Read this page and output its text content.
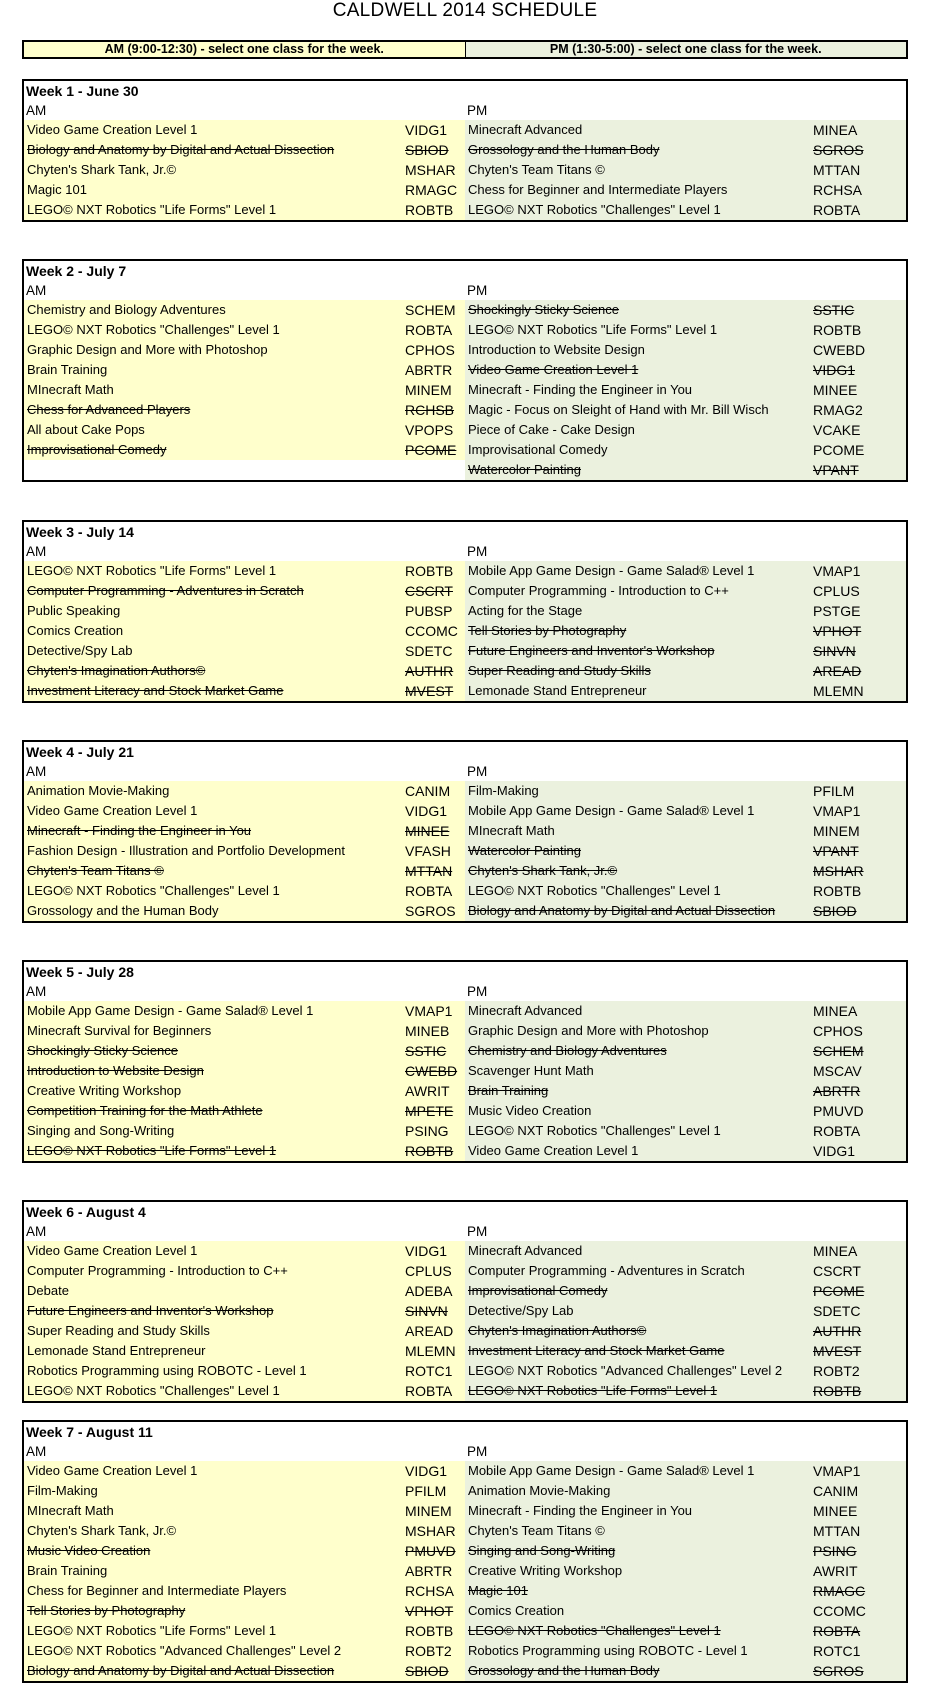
CALDWELL 2014 SCHEDULE
AM (9:00-12:30) - select one class for the week.	PM (1:30-5:00) - select one class for the week.
Week 1 - June 30
AM
Video Game Creation Level 1	VIDG1
Biology and Anatomy by Digital and Actual Dissection	SBIOD
Chyten's Shark Tank, Jr.©	MSHAR
Magic 101	RMAGC
LEGO© NXT Robotics "Life Forms" Level 1	ROBTB
PM
Minecraft Advanced	MINEA
Grossology and the Human Body	SGROS
Chyten's Team Titans ©	MTTAN
Chess for Beginner and Intermediate Players	RCHSA
LEGO© NXT Robotics "Challenges" Level 1	ROBTA
Week 2 - July 7
AM
Chemistry and Biology Adventures	SCHEM
LEGO© NXT Robotics "Challenges" Level 1	ROBTA
Graphic Design and More with Photoshop	CPHOS
Brain Training	ABRTR
MInecraft Math	MINEM
Chess for Advanced Players	RCHSB
All about Cake Pops	VPOPS
Improvisational Comedy	PCOME
PM
Shockingly Sticky Science	SSTIC
LEGO© NXT Robotics "Life Forms" Level 1	ROBTB
Introduction to Website Design	CWEBD
Video Game Creation Level 1	VIDG1
Minecraft - Finding the Engineer in You	MINEE
Magic - Focus on Sleight of Hand with Mr. Bill Wisch	RMAG2
Piece of Cake - Cake Design	VCAKE
Improvisational Comedy	PCOME
Watercolor Painting	VPANT
Week 3 - July 14
AM
LEGO© NXT Robotics "Life Forms" Level 1	ROBTB
Computer Programming - Adventures in Scratch	CSCRT
Public Speaking	PUBSP
Comics Creation	CCOMC
Detective/Spy Lab	SDETC
Chyten's Imagination Authors©	AUTHR
Investment Literacy and Stock Market Game	MVEST
PM
Mobile App Game Design - Game Salad® Level 1	VMAP1
Computer Programming - Introduction to C++	CPLUS
Acting for the Stage	PSTGE
Tell Stories by Photography	VPHOT
Future Engineers and Inventor's Workshop	SINVN
Super Reading and Study Skills	AREAD
Lemonade Stand Entrepreneur	MLEMN
Week 4 - July 21
AM
Animation Movie-Making	CANIM
Video Game Creation Level 1	VIDG1
Minecraft - Finding the Engineer in You	MINEE
Fashion Design - Illustration and Portfolio Development	VFASH
Chyten's Team Titans ©	MTTAN
LEGO© NXT Robotics "Challenges" Level 1	ROBTA
Grossology and the Human Body	SGROS
PM
Film-Making	PFILM
Mobile App Game Design - Game Salad® Level 1	VMAP1
MInecraft Math	MINEM
Watercolor Painting	VPANT
Chyten's Shark Tank, Jr.©	MSHAR
LEGO© NXT Robotics "Challenges" Level 1	ROBTB
Biology and Anatomy by Digital and Actual Dissection	SBIOD
Week 5 - July 28
AM
Mobile App Game Design - Game Salad® Level 1	VMAP1
Minecraft Survival for Beginners	MINEB
Shockingly Sticky Science	SSTIC
Introduction to Website Design	CWEBD
Creative Writing Workshop	AWRIT
Competition Training for the Math Athlete	MPETE
Singing and Song-Writing	PSING
LEGO© NXT Robotics "Life Forms" Level 1	ROBTB
PM
Minecraft Advanced	MINEA
Graphic Design and More with Photoshop	CPHOS
Chemistry and Biology Adventures	SCHEM
Scavenger Hunt Math	MSCAV
Brain Training	ABRTR
Music Video Creation	PMUVD
LEGO© NXT Robotics "Challenges" Level 1	ROBTA
Video Game Creation Level 1	VIDG1
Week 6 - August 4
AM
Video Game Creation Level 1	VIDG1
Computer Programming - Introduction to C++	CPLUS
Debate	ADEBA
Future Engineers and Inventor's Workshop	SINVN
Super Reading and Study Skills	AREAD
Lemonade Stand Entrepreneur	MLEMN
Robotics Programming using ROBOTC - Level 1	ROTC1
LEGO© NXT Robotics "Challenges" Level 1	ROBTA
PM
Minecraft Advanced	MINEA
Computer Programming - Adventures in Scratch	CSCRT
Improvisational Comedy	PCOME
Detective/Spy Lab	SDETC
Chyten's Imagination Authors©	AUTHR
Investment Literacy and Stock Market Game	MVEST
LEGO© NXT Robotics "Advanced Challenges" Level 2 ROBT2
LEGO© NXT Robotics "Life Forms" Level 1	ROBTB
Week 7 - August 11
AM
Video Game Creation Level 1	VIDG1
Film-Making	PFILM
MInecraft Math	MINEM
Chyten's Shark Tank, Jr.©	MSHAR
Music Video Creation	PMUVD
Brain Training	ABRTR
Chess for Beginner and Intermediate Players	RCHSA
Tell Stories by Photography	VPHOT
LEGO© NXT Robotics "Life Forms" Level 1	ROBTB
LEGO© NXT Robotics "Advanced Challenges" Level 2	ROBT2
Biology and Anatomy by Digital and Actual Dissection	SBIOD
PM
Mobile App Game Design - Game Salad® Level 1	VMAP1
Animation Movie-Making	CANIM
Minecraft - Finding the Engineer in You	MINEE
Chyten's Team Titans ©	MTTAN
Singing and Song-Writing	PSING
Creative Writing Workshop	AWRIT
Magic 101	RMAGC
Comics Creation	CCOMC
LEGO© NXT Robotics "Challenges" Level 1	ROBTA
Robotics Programming using ROBOTC - Level 1	ROTC1
Grossology and the Human Body	SGROS
